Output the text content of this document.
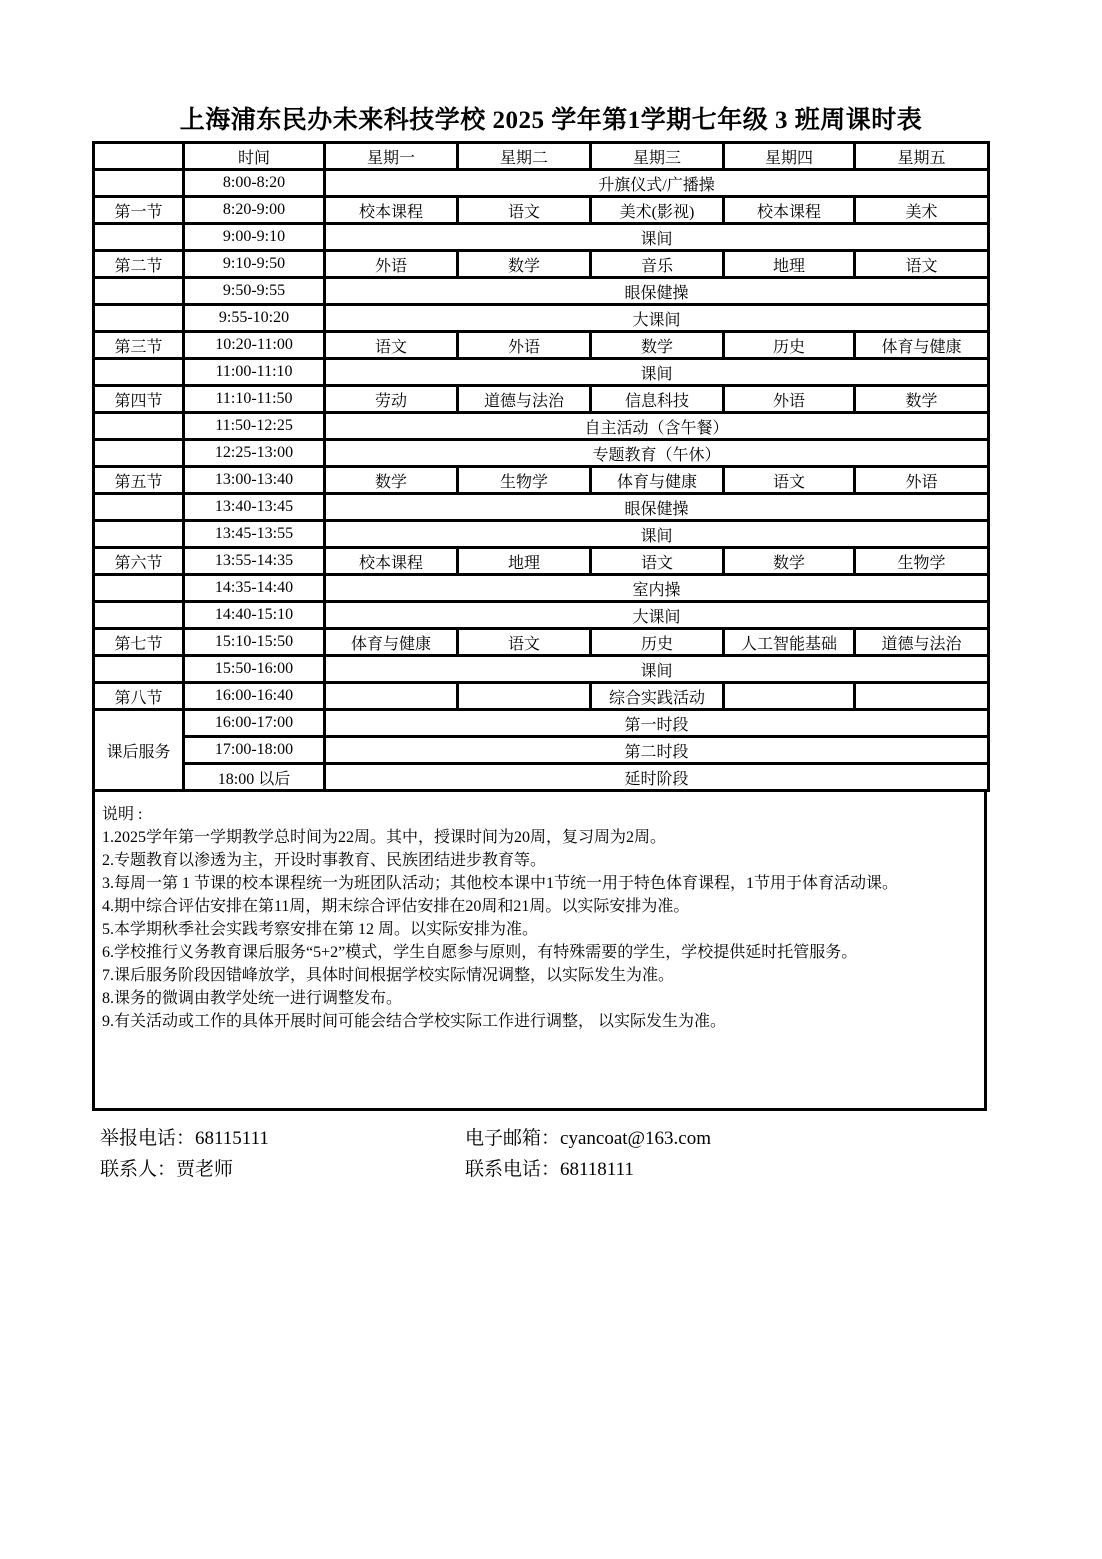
上海浦东民办未来科技学校 2025 学年第1学期七年级 3 班周课时表
	时间	星期一	星期二	星期三	星期四	星期五
	8:00-8:20	升旗仪式/广播操				
第一节	8:20-9:00	校本课程	语文	美术(影视)	校本课程	美术
	9:00-9:10	课间				
第二节	9:10-9:50	外语	数学	音乐	地理	语文
	9:50-9:55	眼保健操				
	9:55-10:20	大课间				
第三节	10:20-11:00	语文	外语	数学	历史	体育与健康
	11:00-11:10	课间				
第四节	11:10-11:50	劳动	道德与法治	信息科技	外语	数学
	11:50-12:25	自主活动（含午餐）				
	12:25-13:00	专题教育（午休）				
第五节	13:00-13:40	数学	生物学	体育与健康	语文	外语
	13:40-13:45	眼保健操				
	13:45-13:55	课间				
第六节	13:55-14:35	校本课程	地理	语文	数学	生物学
	14:35-14:40	室内操				
	14:40-15:10	大课间				
第七节	15:10-15:50	体育与健康	语文	历史	人工智能基础	道德与法治
	15:50-16:00	课间				
第八节	16:00-16:40			综合实践活动		
课后服务	16:00-17:00	第一时段				
	17:00-18:00	第二时段				
	18:00 以后	延时阶段				
说明 :
1.2025学年第一学期教学总时间为22周。其中，授课时间为20周，复习周为2周。
2.专题教育以渗透为主，开设时事教育、民族团结进步教育等。
3.每周一第 1 节课的校本课程统一为班团队活动；其他校本课中1节统一用于特色体育课程，1节用于体育活动课。
4.期中综合评估安排在第11周，期末综合评估安排在20周和21周。以实际安排为准。
5.本学期秋季社会实践考察安排在第 12 周。以实际安排为准。
6.学校推行义务教育课后服务“5+2”模式，学生自愿参与原则，有特殊需要的学生，学校提供延时托管服务。
7.课后服务阶段因错峰放学，具体时间根据学校实际情况调整，以实际发生为准。
8.课务的微调由教学处统一进行调整发布。
9.有关活动或工作的具体开展时间可能会结合学校实际工作进行调整， 以实际发生为准。
举报电话：68115111	电子邮箱：cyancoat@163.com
联系人：贾老师	联系电话：68118111
